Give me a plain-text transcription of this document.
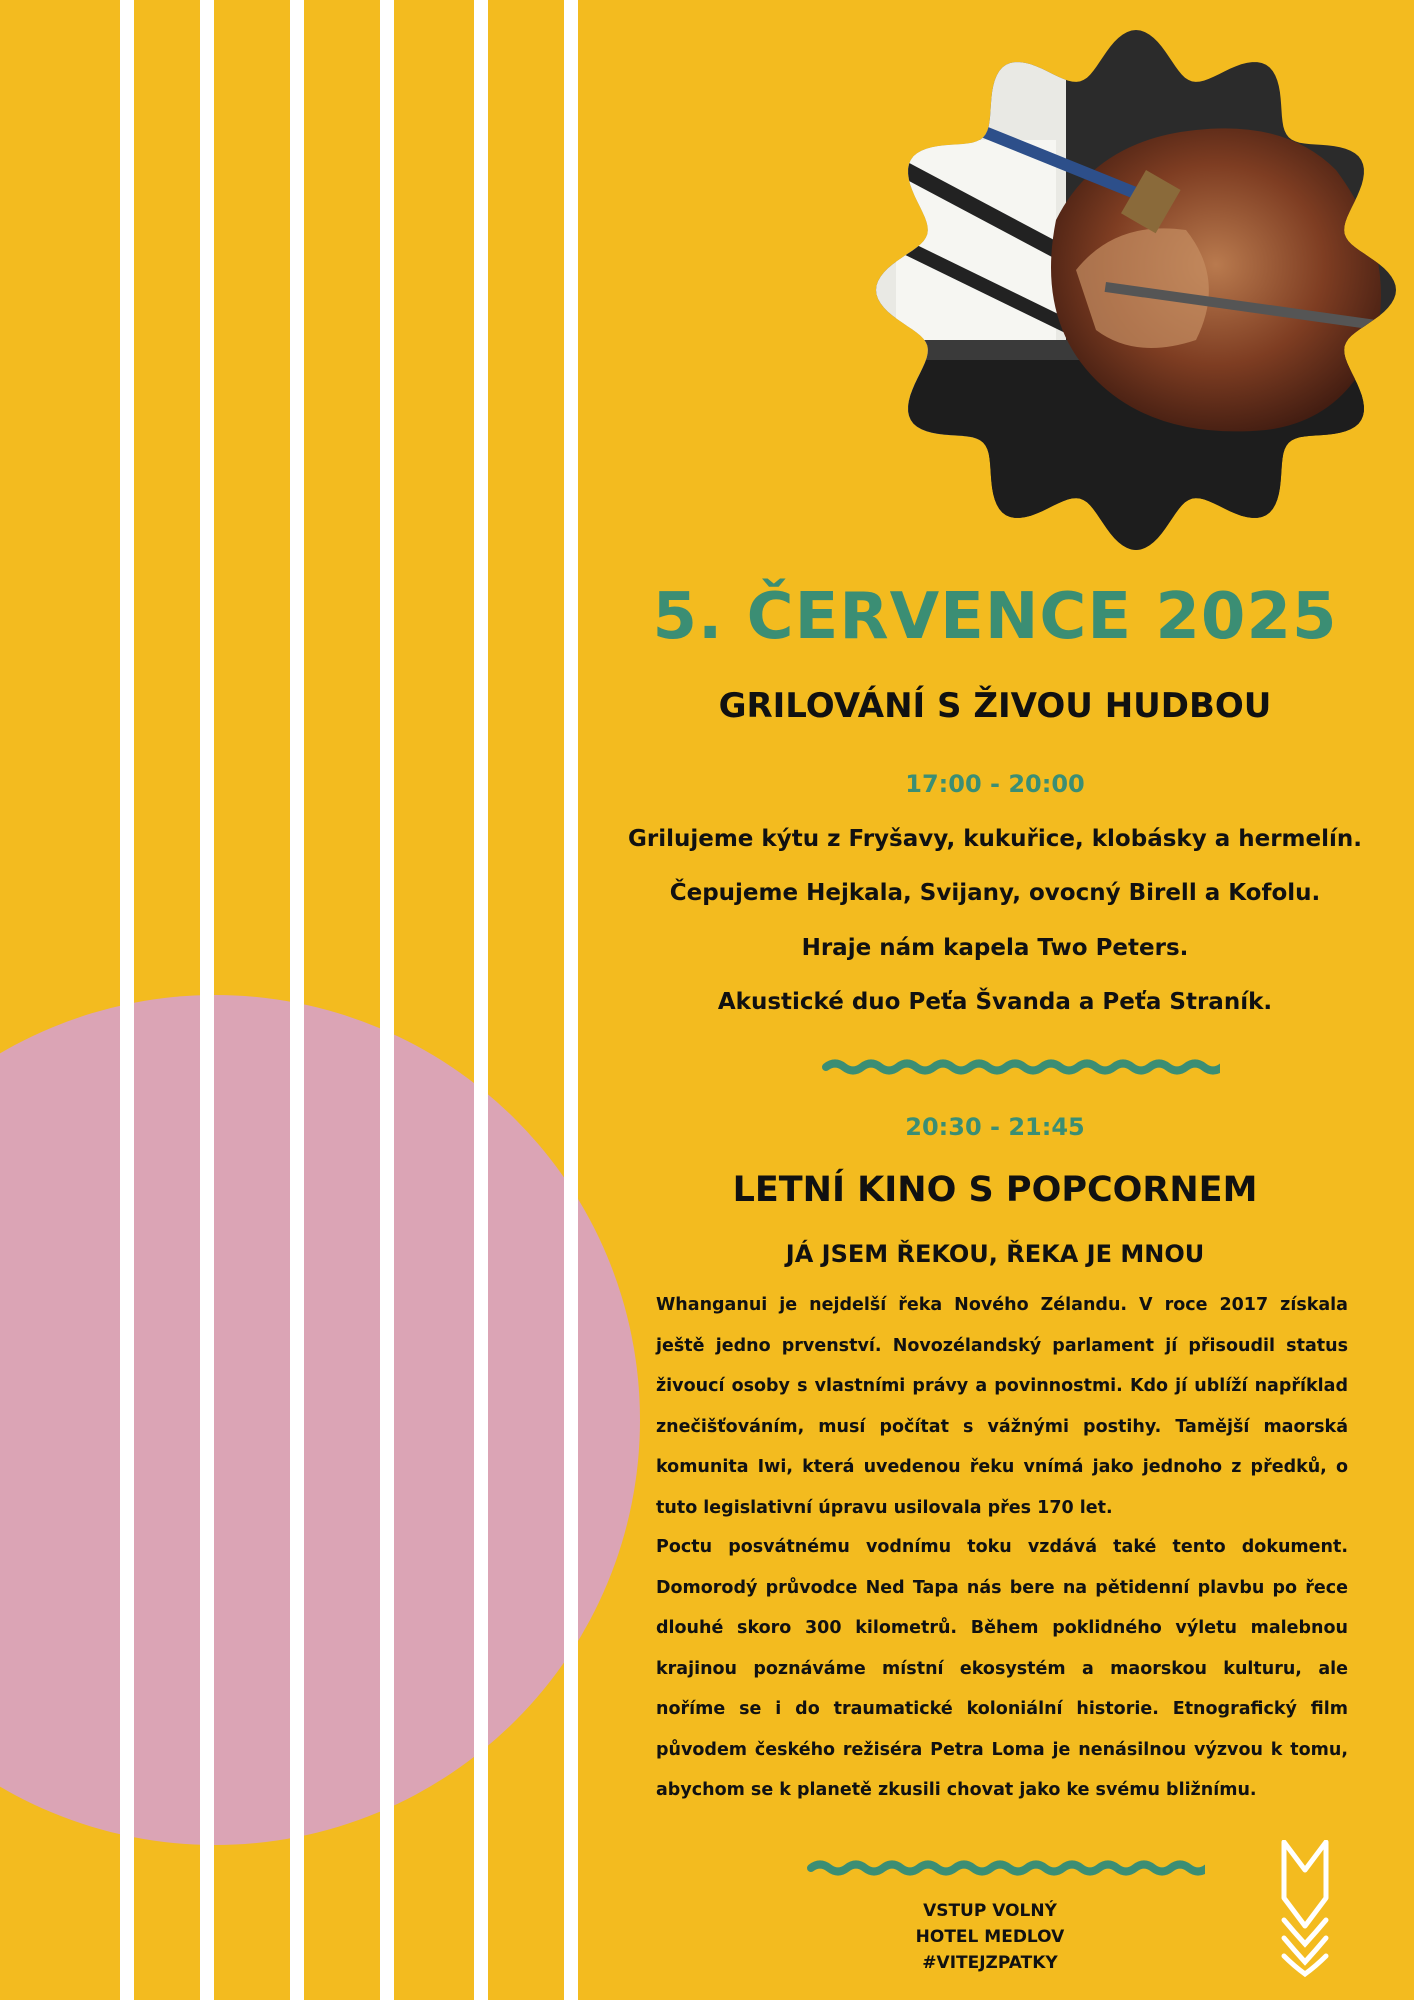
5. ČERVENCE 2025
GRILOVÁNÍ S ŽIVOU HUDBOU
17:00 - 20:00
Grilujeme kýtu z Fryšavy, kukuřice, klobásky a hermelín.
Čepujeme Hejkala, Svijany, ovocný Birell a Kofolu.
Hraje nám kapela Two Peters.
Akustické duo Peťa Švanda a Peťa Straník.
20:30 - 21:45
LETNÍ KINO S POPCORNEM
JÁ JSEM ŘEKOU, ŘEKA JE MNOU
Whanganui je nejdelší řeka Nového Zélandu. V roce 2017 získala ještě jedno prvenství. Novozélandský parlament jí přisoudil status živoucí osoby s vlastními právy a povinnostmi. Kdo jí ublíží například znečišťováním, musí počítat s vážnými postihy. Tamější maorská komunita Iwi, která uvedenou řeku vnímá jako jednoho z předků, o tuto legislativní úpravu usilovala přes 170 let.
Poctu posvátnému vodnímu toku vzdává také tento dokument. Domorodý průvodce Ned Tapa nás bere na pětidenní plavbu po řece dlouhé skoro 300 kilometrů. Během poklidného výletu malebnou krajinou poznáváme místní ekosystém a maorskou kulturu, ale noříme se i do traumatické koloniální historie. Etnografický film původem českého režiséra Petra Loma je nenásilnou výzvou k tomu, abychom se k planetě zkusili chovat jako ke svému bližnímu.
VSTUP VOLNÝ
HOTEL MEDLOV
#VITEJZPATKY
